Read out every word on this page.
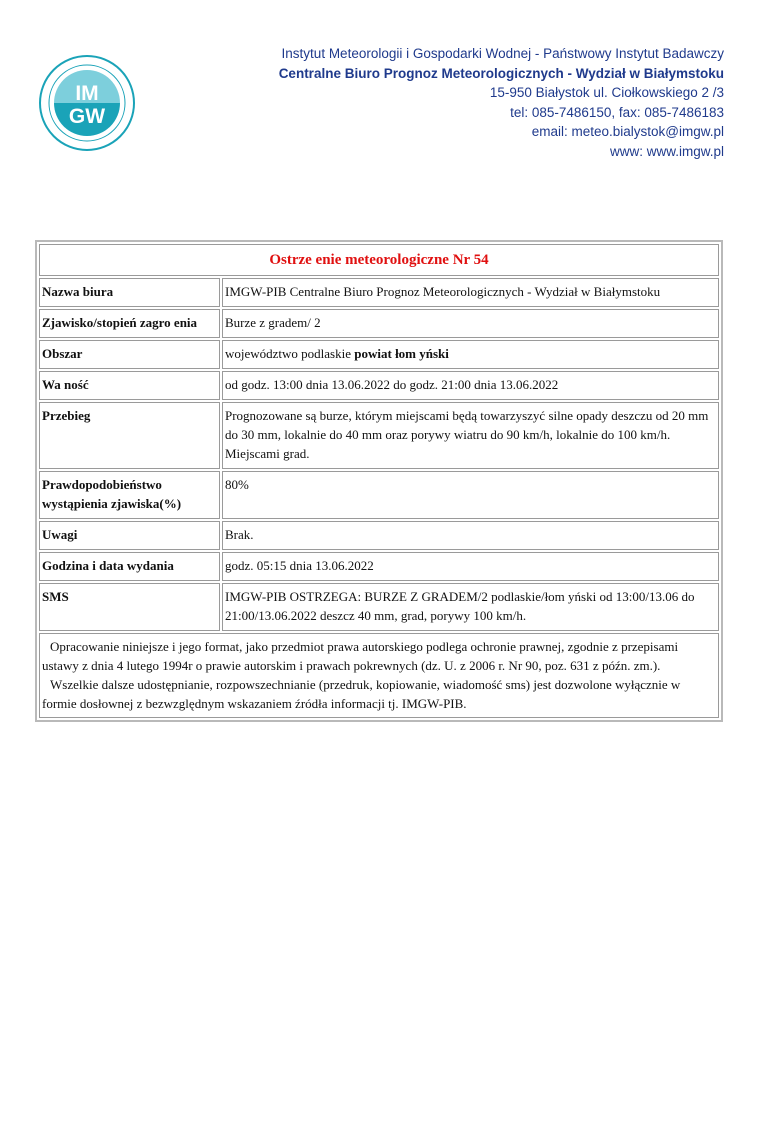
IM
GW
Instytut Meteorologii i Gospodarki Wodnej - Państwowy Instytut Badawczy
Centralne Biuro Prognoz Meteorologicznych - Wydział w Białymstoku
15-950 Białystok ul. Ciołkowskiego 2 /3
tel: 085-7486150, fax: 085-7486183
email: meteo.bialystok@imgw.pl
www: www.imgw.pl
Ostrze enie meteorologiczne Nr 54
Nazwa biura	IMGW-PIB Centralne Biuro Prognoz Meteorologicznych - Wydział w Białymstoku
Zjawisko/stopień zagro enia	Burze z gradem/ 2
Obszar	województwo podlaskie powiat łom yński
Wa ność	od godz. 13:00 dnia 13.06.2022 do godz. 21:00 dnia 13.06.2022
Przebieg	Prognozowane są burze, którym miejscami będą towarzyszyć silne opady deszczu od 20 mm do 30 mm, lokalnie do 40 mm oraz porywy wiatru do 90 km/h, lokalnie do 100 km/h. Miejscami grad.
Prawdopodobieństwo wystąpienia zjawiska(%)	80%
Uwagi	Brak.
Godzina i data wydania	godz. 05:15 dnia 13.06.2022
SMS	IMGW-PIB OSTRZEGA: BURZE Z GRADEM/2 podlaskie/łom yński od 13:00/13.06 do 21:00/13.06.2022 deszcz 40 mm, grad, porywy 100 km/h.

Opracowanie niniejsze i jego format, jako przedmiot prawa autorskiego podlega ochronie prawnej, zgodnie z przepisami ustawy z dnia 4 lutego 1994r o prawie autorskim i prawach pokrewnych (dz. U. z 2006 r. Nr 90, poz. 631 z późn. zm.).

Wszelkie dalsze udostępnianie, rozpowszechnianie (przedruk, kopiowanie, wiadomość sms) jest dozwolone wyłącznie w formie dosłownej z bezwzględnym wskazaniem źródła informacji tj. IMGW-PIB.
